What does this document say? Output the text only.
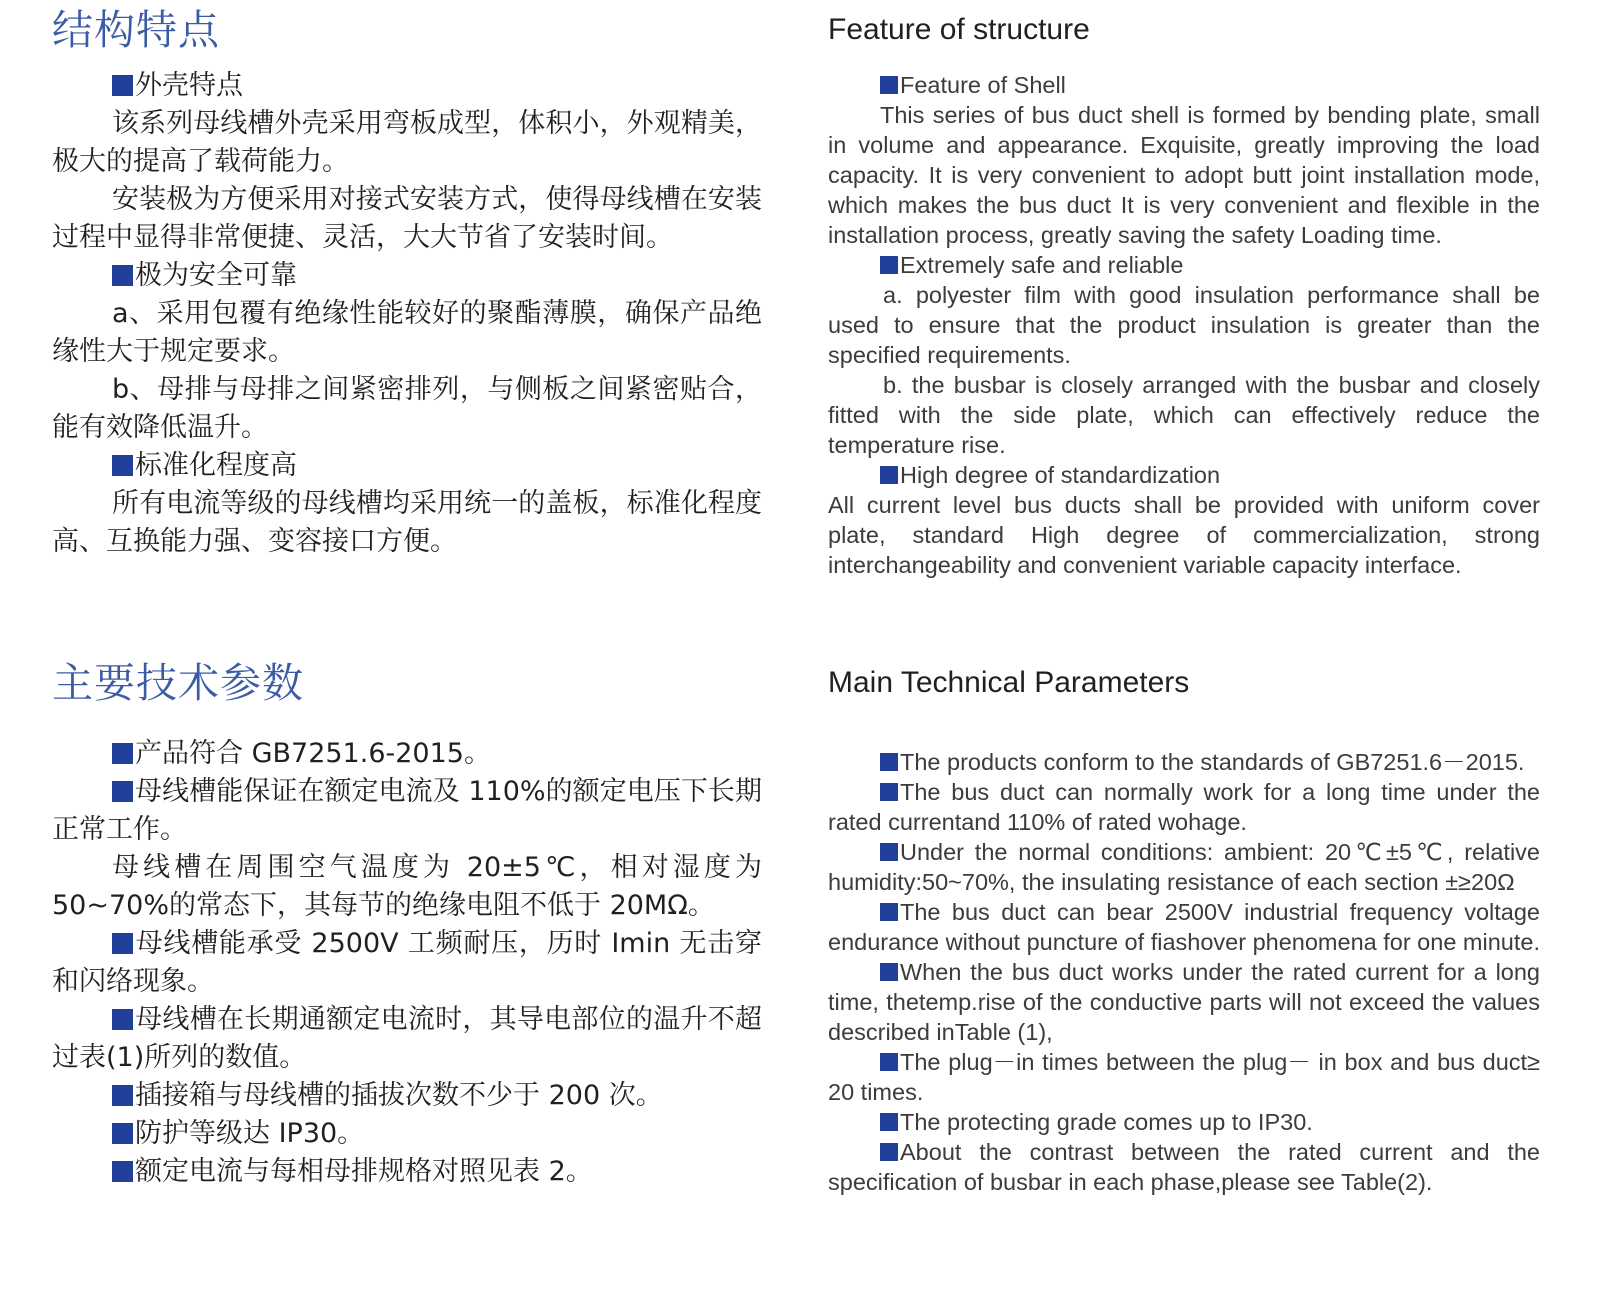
结构特点

外壳特点

该系列母线槽外壳采用弯板成型，体积小，外观精美，极大的提高了载荷能力。

安装极为方便采用对接式安装方式，使得母线槽在安装过程中显得非常便捷、灵活，大大节省了安装时间。

极为安全可靠

a、采用包覆有绝缘性能较好的聚酯薄膜，确保产品绝缘性大于规定要求。

b、母排与母排之间紧密排列，与侧板之间紧密贴合，能有效降低温升。

标准化程度高

所有电流等级的母线槽均采用统一的盖板，标准化程度高、互换能力强、变容接口方便。

主要技术参数

产品符合 GB7251.6-2015。

母线槽能保证在额定电流及 110%的额定电压下长期正常工作。

母线槽在周围空气温度为 20±5℃，相对湿度为 50~70%的常态下，其每节的绝缘电阻不低于 20MΩ。

母线槽能承受 2500V 工频耐压，历时 Imin 无击穿和闪络现象。

母线槽在长期通额定电流时，其导电部位的温升不超过表(1)所列的数值。

插接箱与母线槽的插拔次数不少于 200 次。

防护等级达 IP30。

额定电流与每相母排规格对照见表 2。

Feature of structure

Feature of Shell

This series of bus duct shell is formed by bending plate, small in volume and appearance. Exquisite, greatly improving the load capacity. It is very convenient to adopt butt joint installation mode, which makes the bus duct It is very convenient and flexible in the installation process, greatly saving the safety Loading time.

Extremely safe and reliable

a. polyester film with good insulation performance shall be used to ensure that the product insulation is greater than the specified requirements.

b. the busbar is closely arranged with the busbar and closely fitted with the side plate, which can effectively reduce the temperature rise.

High degree of standardization

All current level bus ducts shall be provided with uniform cover plate, standard High degree of commercialization, strong interchangeability and convenient variable capacity interface.

Main Technical Parameters

The products conform to the standards of GB7251.6－2015.

The bus duct can normally work for a long time under the rated currentand 110% of rated wohage.

Under the normal conditions: ambient: 20℃±5℃, relative humidity:50~70%, the insulating resistance of each section ±≥20Ω

The bus duct can bear 2500V industrial frequency voltage endurance without puncture of fiashover phenomena for one minute.

When the bus duct works under the rated current for a long time, thetemp.rise of the conductive parts will not exceed the values described inTable (1),

The plug－in times between the plug－ in box and bus duct≥ 20 times.

The protecting grade comes up to IP30.

About the contrast between the rated current and the specification of busbar in each phase,please see Table(2).
